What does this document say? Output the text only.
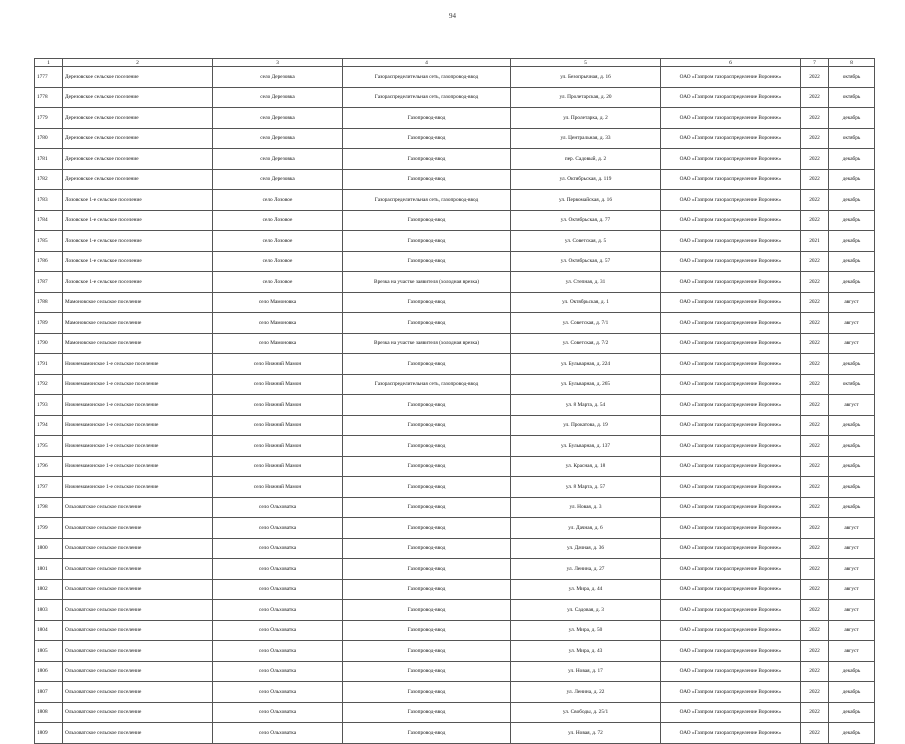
94
1	2	3	4	5	6	7	8
1777	Дерезовское сельское поселение	село Дерезовка	Газораспределительная сеть, газопровод-ввод	ул. Безопрычная, д. 16	ОАО «Газпром газораспределение Воронеж»	2022	октябрь
1778	Дерезовское сельское поселение	село Дерезовка	Газораспределительная сеть, газопровод-ввод	ул. Пролетарская, д. 20	ОАО «Газпром газораспределение Воронеж»	2022	октябрь
1779	Дерезовское сельское поселение	село Дерезовка	Газопровод-ввод	ул. Пролетарка, д. 2	ОАО «Газпром газораспределение Воронеж»	2022	декабрь
1780	Дерезовское сельское поселение	село Дерезовка	Газопровод-ввод	ул. Центральная, д. 33	ОАО «Газпром газораспределение Воронеж»	2022	октябрь
1781	Дерезовское сельское поселение	село Дерезовка	Газопровод-ввод	пер. Садовый, д. 2	ОАО «Газпром газораспределение Воронеж»	2022	декабрь
1782	Дерезовское сельское поселение	село Дерезовка	Газопровод-ввод	ул. Октябрьская, д. 119	ОАО «Газпром газораспределение Воронеж»	2022	декабрь
1783	Лозовское 1-е сельское поселение	село Лозовое	Газораспределительная сеть, газопровод-ввод	ул. Первомайская, д. 16	ОАО «Газпром газораспределение Воронеж»	2022	декабрь
1784	Лозовское 1-е сельское поселение	село Лозовое	Газопровод-ввод	ул. Октябрьская, д. 77	ОАО «Газпром газораспределение Воронеж»	2022	декабрь
1785	Лозовское 1-е сельское поселение	село Лозовое	Газопровод-ввод	ул. Советская, д. 5	ОАО «Газпром газораспределение Воронеж»	2021	декабрь
1786	Лозовское 1-е сельское поселение	село Лозовое	Газопровод-ввод	ул. Октябрьская, д. 57	ОАО «Газпром газораспределение Воронеж»	2022	декабрь
1787	Лозовское 1-е сельское поселение	село Лозовое	Врезка на участке заявителя (холодная врезка)	ул. Степная, д. 31	ОАО «Газпром газораспределение Воронеж»	2022	декабрь
1788	Мамоновское сельское поселение	село Мамоновка	Газопровод-ввод	ул. Октябрьская, д. 1	ОАО «Газпром газораспределение Воронеж»	2022	август
1789	Мамоновское сельское поселение	село Мамоновка	Газопровод-ввод	ул. Советская, д. 7/1	ОАО «Газпром газораспределение Воронеж»	2022	август
1790	Мамоновское сельское поселение	село Мамоновка	Врезка на участке заявителя (холодная врезка)	ул. Советская, д. 7/2	ОАО «Газпром газораспределение Воронеж»	2022	август
1791	Нижнемамонское 1-е сельское поселение	село Нижний Мамон	Газопровод-ввод	ул. Бульварная, д. 224	ОАО «Газпром газораспределение Воронеж»	2022	декабрь
1792	Нижнемамонское 1-е сельское поселение	село Нижний Мамон	Газораспределительная сеть, газопровод-ввод	ул. Бульварная, д. 265	ОАО «Газпром газораспределение Воронеж»	2022	октябрь
1793	Нижнемамонское 1-е сельское поселение	село Нижний Мамон	Газопровод-ввод	ул. 8 Марта, д. 54	ОАО «Газпром газораспределение Воронеж»	2022	август
1794	Нижнемамонское 1-е сельское поселение	село Нижний Мамон	Газопровод-ввод	ул. Прокатова, д. 19	ОАО «Газпром газораспределение Воронеж»	2022	декабрь
1795	Нижнемамонское 1-е сельское поселение	село Нижний Мамон	Газопровод-ввод	ул. Бульварная, д. 137	ОАО «Газпром газораспределение Воронеж»	2022	декабрь
1796	Нижнемамонское 1-е сельское поселение	село Нижний Мамон	Газопровод-ввод	ул. Красная, д. 18	ОАО «Газпром газораспределение Воронеж»	2022	декабрь
1797	Нижнемамонское 1-е сельское поселение	село Нижний Мамон	Газопровод-ввод	ул. 8 Марта, д. 57	ОАО «Газпром газораспределение Воронеж»	2022	декабрь
1798	Ольховатское сельское поселение	село Ольховатка	Газопровод-ввод	ул. Новая, д. 3	ОАО «Газпром газораспределение Воронеж»	2022	декабрь
1799	Ольховатское сельское поселение	село Ольховатка	Газопровод-ввод	ул. Дачная, д. 6	ОАО «Газпром газораспределение Воронеж»	2022	август
1800	Ольховатское сельское поселение	село Ольховатка	Газопровод-ввод	ул. Дачная, д. 36	ОАО «Газпром газораспределение Воронеж»	2022	август
1801	Ольховатское сельское поселение	село Ольховатка	Газопровод-ввод	ул. Ленина, д. 27	ОАО «Газпром газораспределение Воронеж»	2022	август
1802	Ольховатское сельское поселение	село Ольховатка	Газопровод-ввод	ул. Мира, д. 44	ОАО «Газпром газораспределение Воронеж»	2022	август
1803	Ольховатское сельское поселение	село Ольховатка	Газопровод-ввод	ул. Садовая, д. 3	ОАО «Газпром газораспределение Воронеж»	2022	август
1804	Ольховатское сельское поселение	село Ольховатка	Газопровод-ввод	ул. Мира, д. 50	ОАО «Газпром газораспределение Воронеж»	2022	август
1805	Ольховатское сельское поселение	село Ольховатка	Газопровод-ввод	ул. Мира, д. 43	ОАО «Газпром газораспределение Воронеж»	2022	август
1806	Ольховатское сельское поселение	село Ольховатка	Газопровод-ввод	ул. Новая, д. 17	ОАО «Газпром газораспределение Воронеж»	2022	декабрь
1807	Ольховатское сельское поселение	село Ольховатка	Газопровод-ввод	ул. Ленина, д. 22	ОАО «Газпром газораспределение Воронеж»	2022	декабрь
1808	Ольховатское сельское поселение	село Ольховатка	Газопровод-ввод	ул. Свободы, д. 25/1	ОАО «Газпром газораспределение Воронеж»	2022	декабрь
1809	Ольховатское сельское поселение	село Ольховатка	Газопровод-ввод	ул. Новая, д. 72	ОАО «Газпром газораспределение Воронеж»	2022	декабрь
